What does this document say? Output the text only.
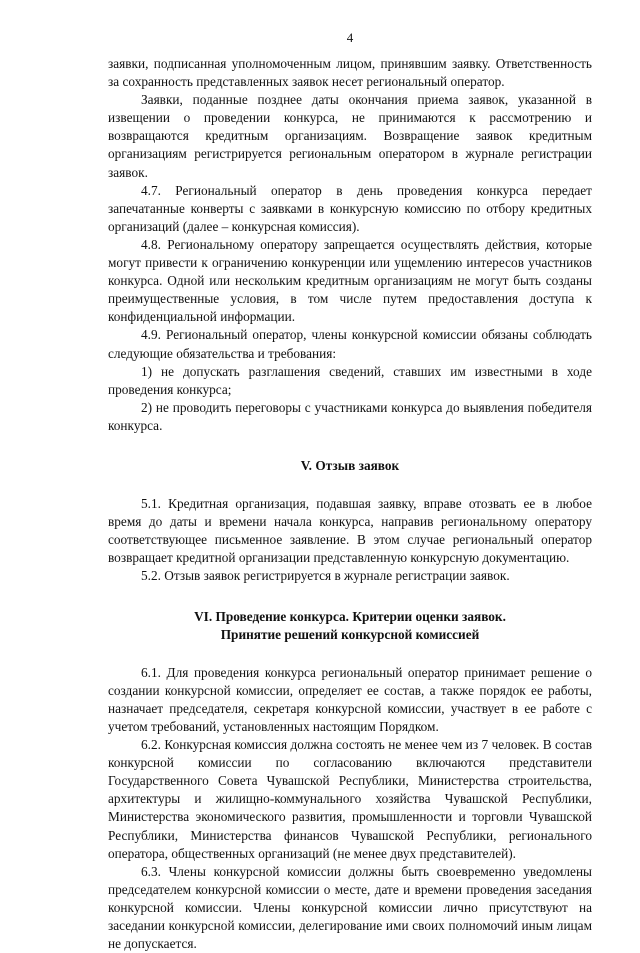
4

заявки, подписанная уполномоченным лицом, принявшим заявку. Ответственность за сохранность представленных заявок несет региональный оператор.

Заявки, поданные позднее даты окончания приема заявок, указанной в извещении о проведении конкурса, не принимаются к рассмотрению и возвращаются кредитным организациям. Возвращение заявок кредитным организациям регистрируется региональным оператором в журнале регистрации заявок.

4.7. Региональный оператор в день проведения конкурса передает запечатанные конверты с заявками в конкурсную комиссию по отбору кредитных организаций (далее – конкурсная комиссия).

4.8. Региональному оператору запрещается осуществлять действия, которые могут привести к ограничению конкуренции или ущемлению интересов участников конкурса. Одной или нескольким кредитным организациям не могут быть созданы преимущественные условия, в том числе путем предоставления доступа к конфиденциальной информации.

4.9. Региональный оператор, члены конкурсной комиссии обязаны соблюдать следующие обязательства и требования:

1) не допускать разглашения сведений, ставших им известными в ходе проведения конкурса;

2) не проводить переговоры с участниками конкурса до выявления победителя конкурса.

V. Отзыв заявок

5.1. Кредитная организация, подавшая заявку, вправе отозвать ее в любое время до даты и времени начала конкурса, направив региональному оператору соответствующее письменное заявление. В этом случае региональный оператор возвращает кредитной организации представленную конкурсную документацию.

5.2. Отзыв заявок регистрируется в журнале регистрации заявок.

VI. Проведение конкурса. Критерии оценки заявок.
Принятие решений конкурсной комиссией

6.1. Для проведения конкурса региональный оператор принимает решение о создании конкурсной комиссии, определяет ее состав, а также порядок ее работы, назначает председателя, секретаря конкурсной комиссии, участвует в ее работе с учетом требований, установленных настоящим Порядком.

6.2. Конкурсная комиссия должна состоять не менее чем из 7 человек. В состав конкурсной комиссии по согласованию включаются представители Государственного Совета Чувашской Республики, Министерства строительства, архитектуры и жилищно-коммунального хозяйства Чувашской Республики, Министерства экономического развития, промышленности и торговли Чувашской Республики, Министерства финансов Чувашской Республики, регионального оператора, общественных организаций (не менее двух представителей).

6.3. Члены конкурсной комиссии должны быть своевременно уведомлены председателем конкурсной комиссии о месте, дате и времени проведения заседания конкурсной комиссии. Члены конкурсной комиссии лично присутствуют на заседании конкурсной комиссии, делегирование ими своих полномочий иным лицам не допускается.
